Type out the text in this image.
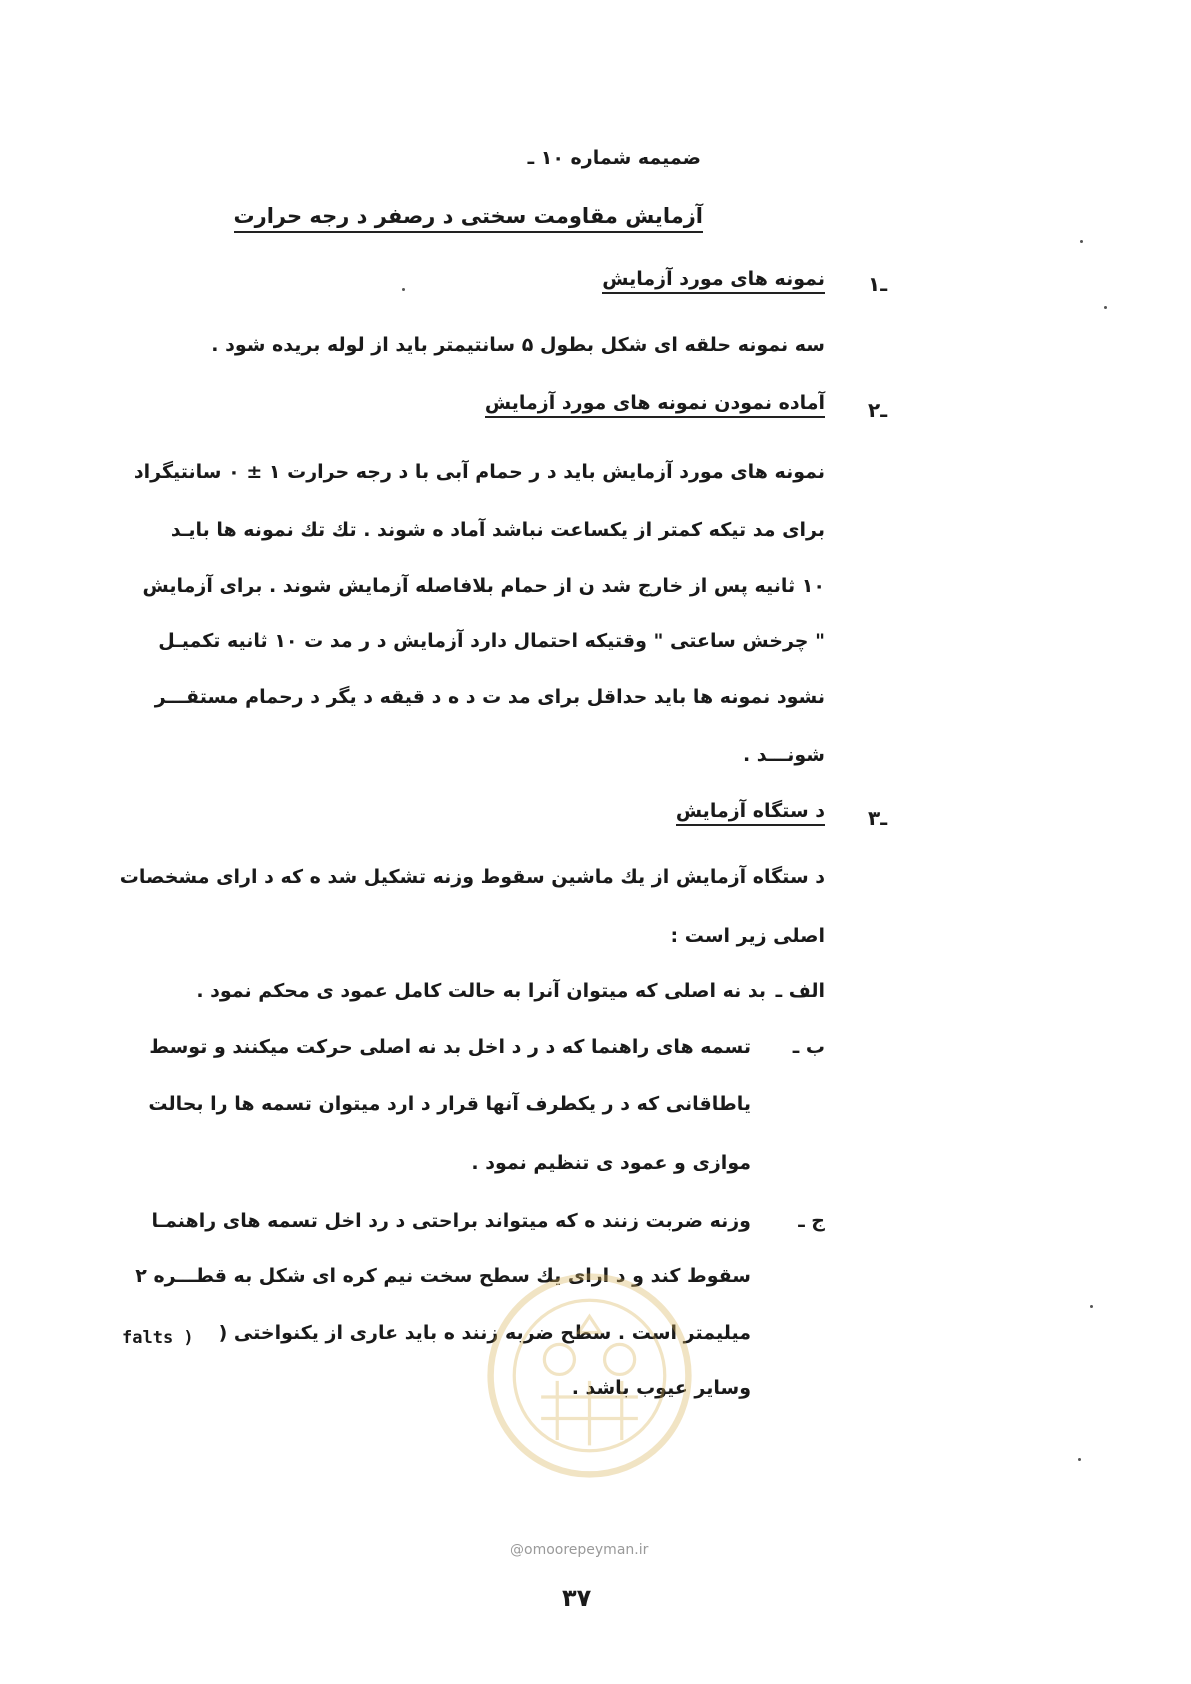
ضمیمه شماره ۱۰ ـ
آزمایش مقاومت سختی د رصفر د رجه حرارت
۱ـ
نمونه های مورد آزمایش
سه نمونه حلقه ای شکل بطول ۵ سانتیمتر باید از لوله بریده شود .
۲ـ
آماده نمودن نمونه های مورد آزمایش
نمونه های مورد آزمایش باید د ر حمام آبی با د رجه حرارت ۱ ± ۰ سانتیگراد
برای مد تیکه کمتر از یکساعت نباشد آماد ه شوند . تك تك نمونه ها بایـد
۱۰ ثانیه پس از خارج شد ن از حمام بلافاصله آزمایش شوند . برای آزمایش
" چرخش ساعتی " وقتیکه احتمال دارد آزمایش د ر مد ت ۱۰ ثانیه تکمیـل
نشود نمونه ها باید حداقل برای مد ت د ه د قیقه د یگر د رحمام مستقـــر
شونـــد .
۳ـ
د ستگاه آزمایش
د ستگاه آزمایش از یك ماشین سقوط وزنه تشکیل شد ه که د ارای مشخصات
اصلی زیر است :
الف ـ
بد نه اصلی که میتوان آنرا به حالت کامل عمود ی محکم نمود .
ب ـ
تسمه های راهنما که د ر د اخل بد نه اصلی حرکت میکنند و توسط
یاطاقانی که د ر یکطرف آنها قرار د ارد میتوان تسمه ها را بحالت
موازی و عمود ی تنظیم نمود .
ج ـ
وزنه ضربت زنند ه که میتواند براحتی د رد اخل تسمه های راهنمـا
سقوط کند و د ارای یك سطح سخت نیم کره ای شکل به قطـــره ۲
میلیمتر است . سطح ضربه زنند ه باید عاری از یکنواختی (
falts )
وسایر عیوب باشد .
@omoorepeyman.ir
۳۷
